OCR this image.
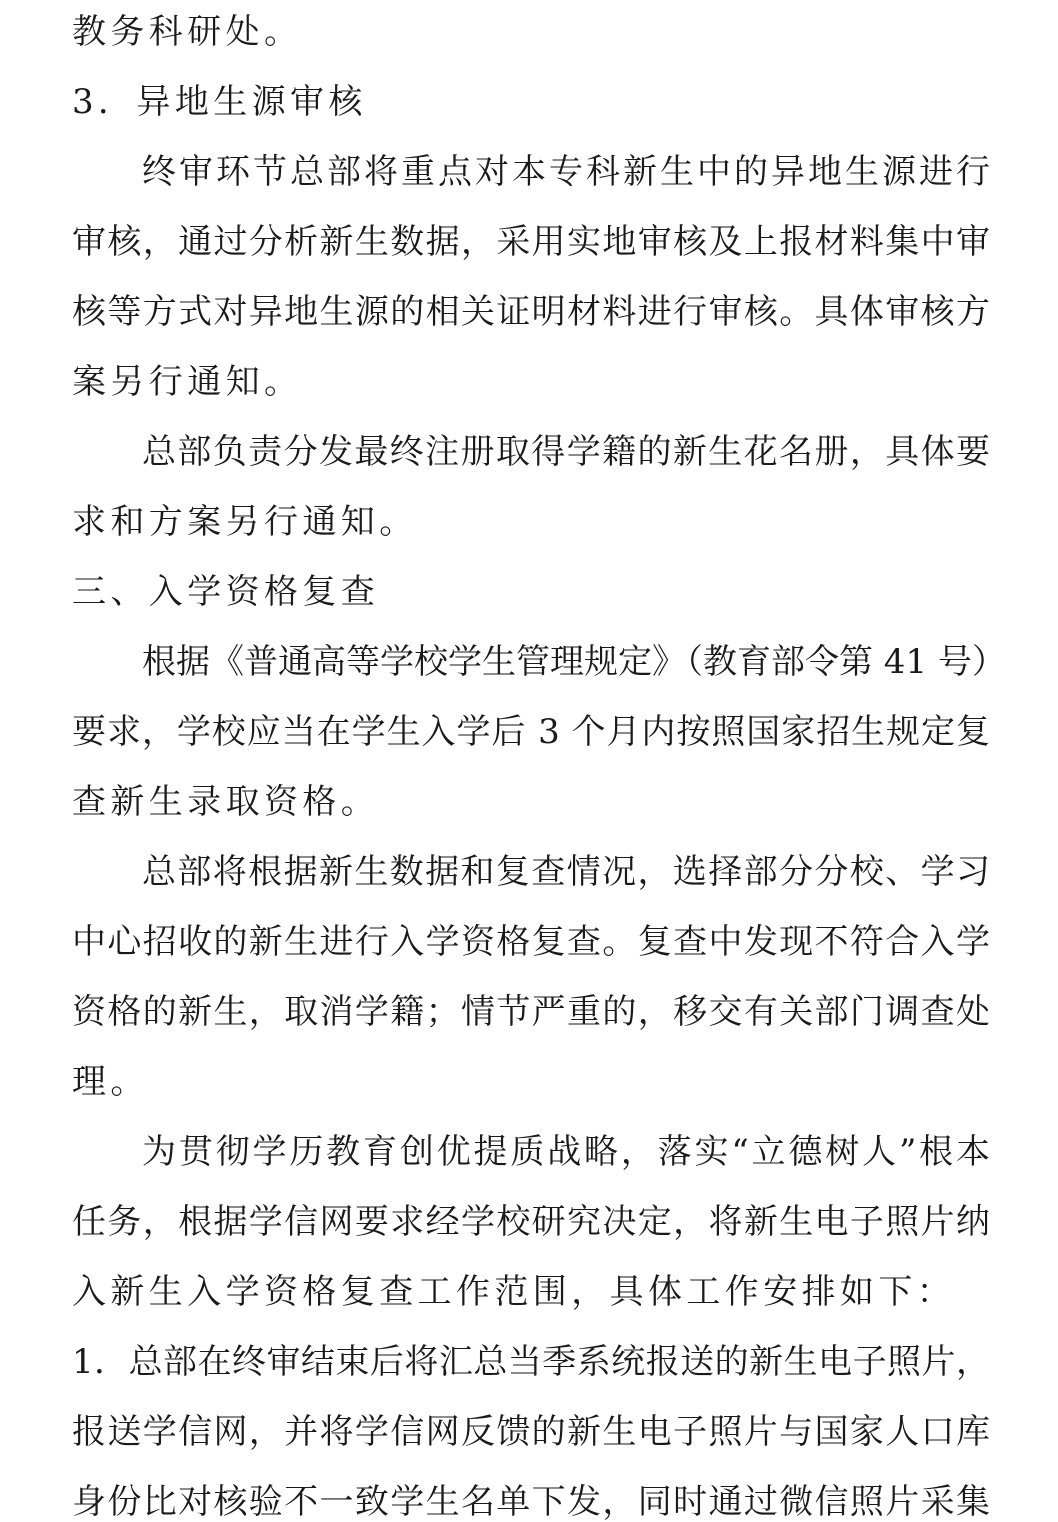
教务科研处。
3．异地生源审核
终审环节总部将重点对本专科新生中的异地生源进行
审核，通过分析新生数据，采用实地审核及上报材料集中审
核等方式对异地生源的相关证明材料进行审核。具体审核方
案另行通知。
总部负责分发最终注册取得学籍的新生花名册，具体要
求和方案另行通知。
三、入学资格复查
根据《普通高等学校学生管理规定》（教育部令第 41 号）
要求，学校应当在学生入学后 3 个月内按照国家招生规定复
查新生录取资格。
总部将根据新生数据和复查情况，选择部分分校、学习
中心招收的新生进行入学资格复查。复查中发现不符合入学
资格的新生，取消学籍；情节严重的，移交有关部门调查处
理。
为贯彻学历教育创优提质战略，落实“立德树人”根本
任务，根据学信网要求经学校研究决定，将新生电子照片纳
入新生入学资格复查工作范围，具体工作安排如下：
1．总部在终审结束后将汇总当季系统报送的新生电子照片，
报送学信网，并将学信网反馈的新生电子照片与国家人口库
身份比对核验不一致学生名单下发，同时通过微信照片采集
